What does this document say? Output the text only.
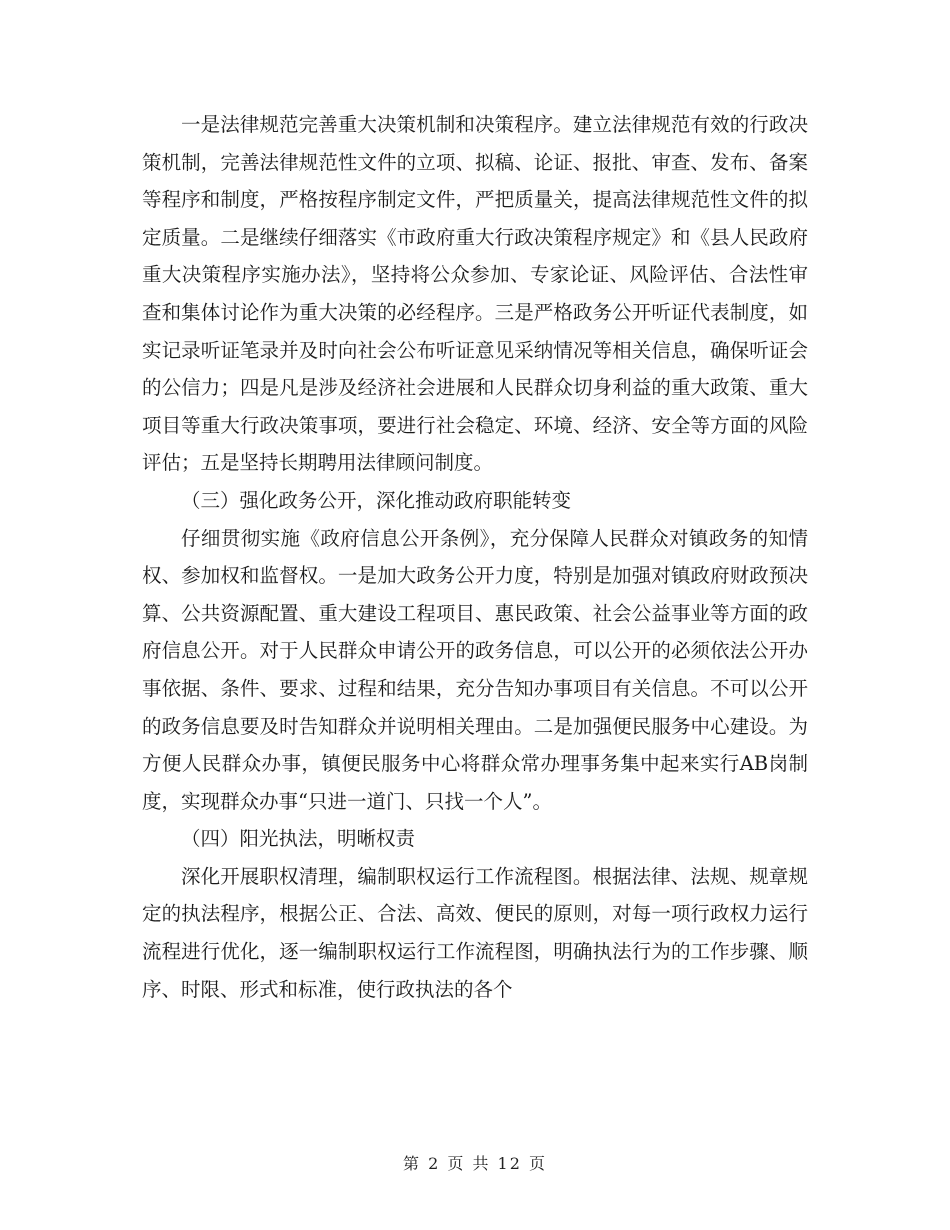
一是法律规范完善重大决策机制和决策程序。建立法律规范有效的行政决策机制，完善法律规范性文件的立项、拟稿、论证、报批、审查、发布、备案等程序和制度，严格按程序制定文件，严把质量关，提高法律规范性文件的拟定质量。二是继续仔细落实《市政府重大行政决策程序规定》和《县人民政府重大决策程序实施办法》，坚持将公众参加、专家论证、风险评估、合法性审查和集体讨论作为重大决策的必经程序。三是严格政务公开听证代表制度，如实记录听证笔录并及时向社会公布听证意见采纳情况等相关信息，确保听证会的公信力；四是凡是涉及经济社会进展和人民群众切身利益的重大政策、重大项目等重大行政决策事项，要进行社会稳定、环境、经济、安全等方面的风险评估；五是坚持长期聘用法律顾问制度。

（三）强化政务公开，深化推动政府职能转变

仔细贯彻实施《政府信息公开条例》，充分保障人民群众对镇政务的知情权、参加权和监督权。一是加大政务公开力度，特别是加强对镇政府财政预决算、公共资源配置、重大建设工程项目、惠民政策、社会公益事业等方面的政府信息公开。对于人民群众申请公开的政务信息，可以公开的必须依法公开办事依据、条件、要求、过程和结果，充分告知办事项目有关信息。不可以公开的政务信息要及时告知群众并说明相关理由。二是加强便民服务中心建设。为方便人民群众办事，镇便民服务中心将群众常办理事务集中起来实行AB岗制度，实现群众办事“只进一道门、只找一个人”。

（四）阳光执法，明晰权责

深化开展职权清理，编制职权运行工作流程图。根据法律、法规、规章规定的执法程序，根据公正、合法、高效、便民的原则，对每一项行政权力运行流程进行优化，逐一编制职权运行工作流程图，明确执法行为的工作步骤、顺序、时限、形式和标准，使行政执法的各个

第 2 页 共 12 页
